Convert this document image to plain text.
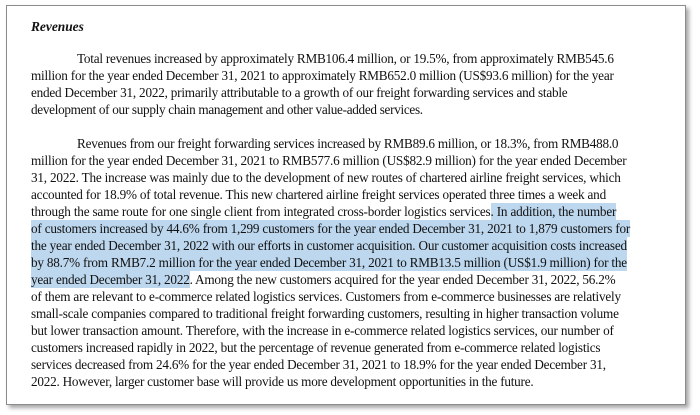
Revenues
Total revenues increased by approximately RMB106.4 million, or 19.5%, from approximately RMB545.6
million for the year ended December 31, 2021 to approximately RMB652.0 million (US$93.6 million) for the year
ended December 31, 2022, primarily attributable to a growth of our freight forwarding services and stable
development of our supply chain management and other value-added services.
Revenues from our freight forwarding services increased by RMB89.6 million, or 18.3%, from RMB488.0
million for the year ended December 31, 2021 to RMB577.6 million (US$82.9 million) for the year ended December
31, 2022. The increase was mainly due to the development of new routes of chartered airline freight services, which
accounted for 18.9% of total revenue. This new chartered airline freight services operated three times a week and
through the same route for one single client from integrated cross-border logistics services. In addition, the number
of customers increased by 44.6% from 1,299 customers for the year ended December 31, 2021 to 1,879 customers for
the year ended December 31, 2022 with our efforts in customer acquisition. Our customer acquisition costs increased
by 88.7% from RMB7.2 million for the year ended December 31, 2021 to RMB13.5 million (US$1.9 million) for the
year ended December 31, 2022. Among the new customers acquired for the year ended December 31, 2022, 56.2%
of them are relevant to e-commerce related logistics services. Customers from e-commerce businesses are relatively
small-scale companies compared to traditional freight forwarding customers, resulting in higher transaction volume
but lower transaction amount. Therefore, with the increase in e-commerce related logistics services, our number of
customers increased rapidly in 2022, but the percentage of revenue generated from e-commerce related logistics
services decreased from 24.6% for the year ended December 31, 2021 to 18.9% for the year ended December 31,
2022. However, larger customer base will provide us more development opportunities in the future.
